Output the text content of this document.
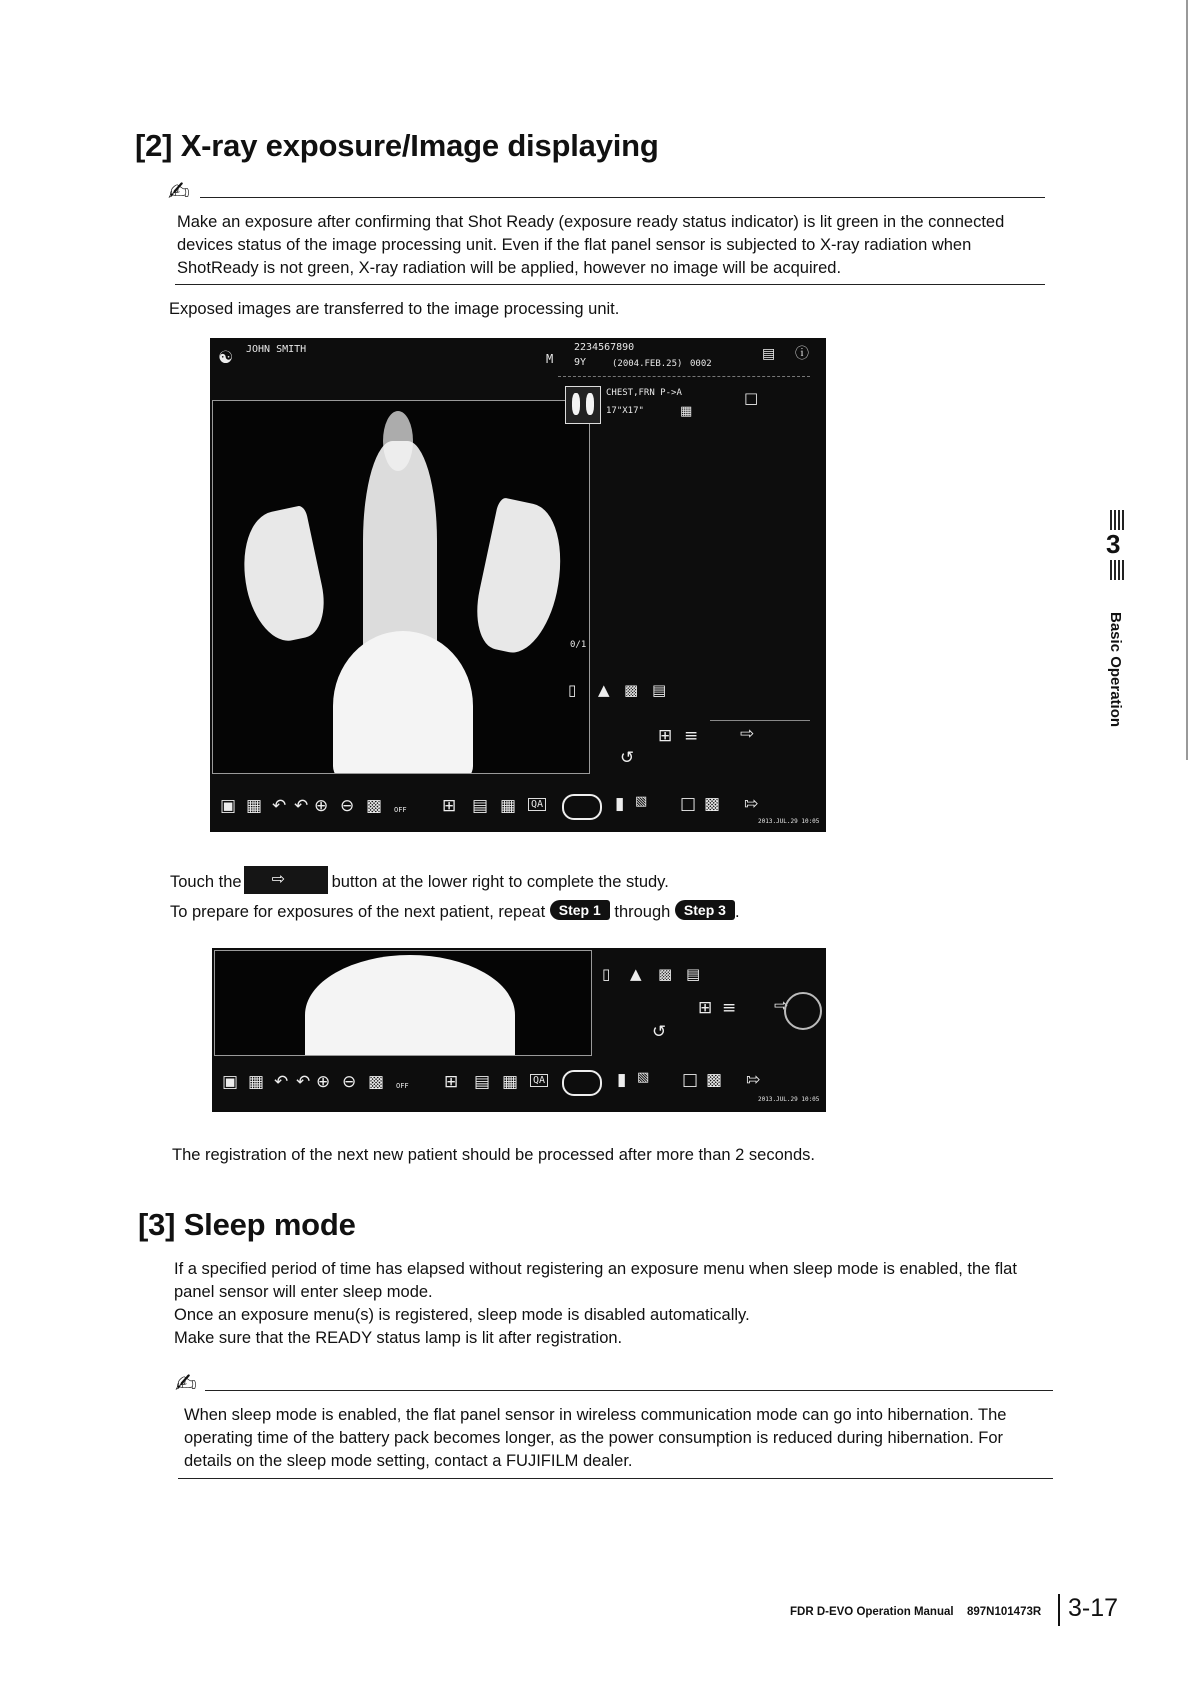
[2] X-ray exposure/Image displaying
✍
Make an exposure after confirming that Shot Ready (exposure ready status indicator) is lit green in the connected devices status of the image processing unit. Even if the flat panel sensor is subjected to X-ray radiation when ShotReady is not green, X-ray radiation will be applied, however no image will be acquired.
Exposed images are transferred to the image processing unit.
☯ JOHN SMITH
M
2234567890
9Y	(2004.FEB.25) 0002
▤ ⓘ
CHEST,FRN P->A
17"X17"	▦
□
0/1
▯ ▲ ▩ ▤
⊞ ≡ ⇨
↺
▣ ▦ ↶ ↶ ⊕ ⊖ ▩ OFF ⊞ ▤ ▦	QA	▮ ▧ □ ▩ ⇰
2013.JUL.29 10:05
Touch the ⇨	button at the lower right to complete the study.
To prepare for exposures of the next patient, repeat Step 1 through Step 3 .
▯ ▲ ▩ ▤
⊞ ≡ ⇨
↺
▣ ▦ ↶ ↶ ⊕ ⊖ ▩ OFF ⊞ ▤ ▦	QA	▮ ▧ □ ▩ ⇰
2013.JUL.29 10:05
The registration of the next new patient should be processed after more than 2 seconds.
[3] Sleep mode

If a specified period of time has elapsed without registering an exposure menu when sleep mode is enabled, the flat panel sensor will enter sleep mode.

Once an exposure menu(s) is registered, sleep mode is disabled automatically.

Make sure that the READY status lamp is lit after registration.

✍
When sleep mode is enabled, the flat panel sensor in wireless communication mode can go into hibernation. The operating time of the battery pack becomes longer, as the power consumption is reduced during hibernation. For details on the sleep mode setting, contact a FUJIFILM dealer.
3
Basic Operation
FDR D-EVO Operation Manual 897N101473R 3-17
